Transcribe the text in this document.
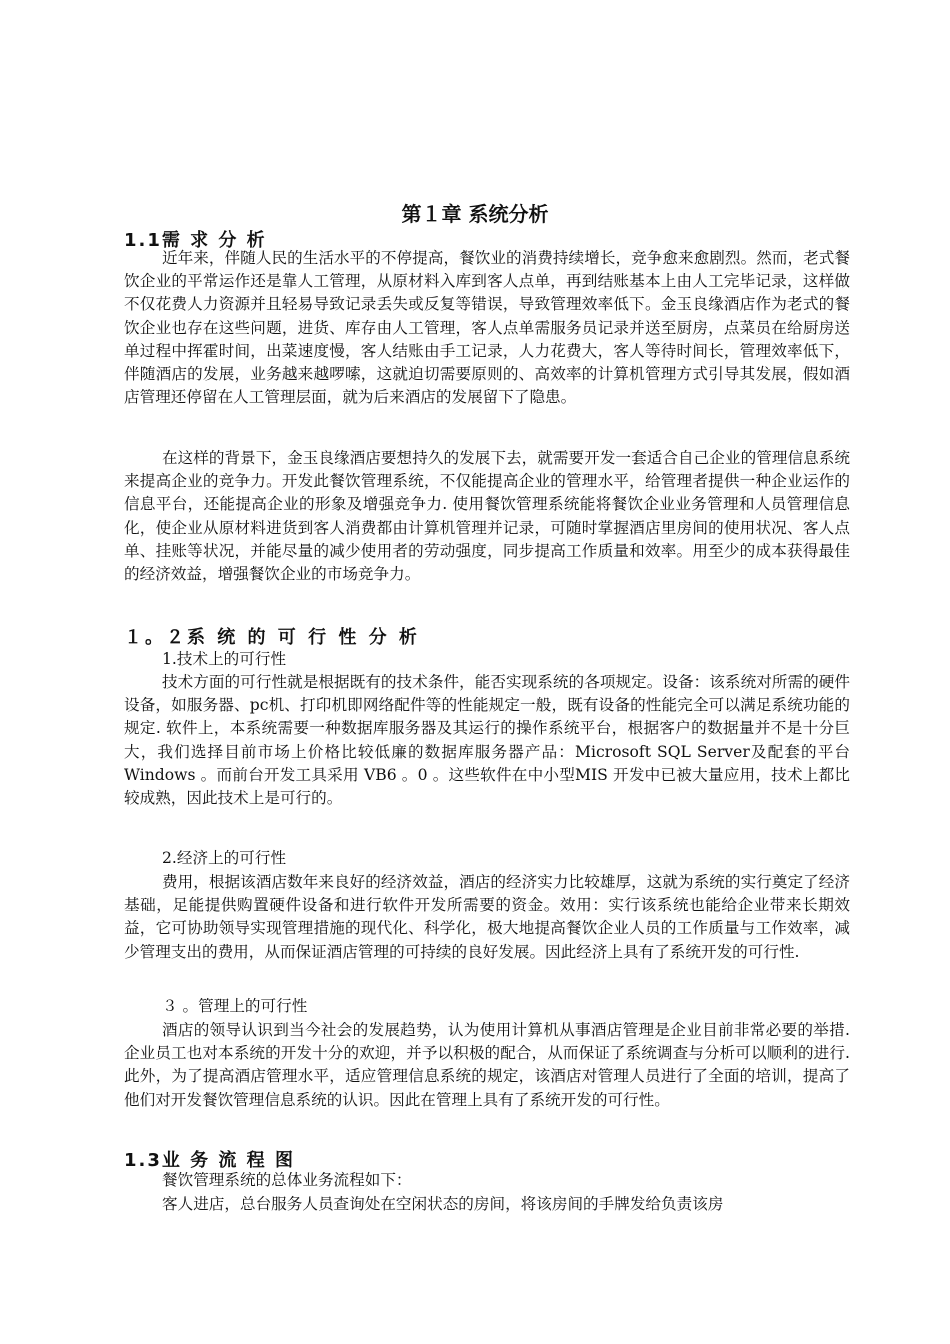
第１章 系统分析
1.1需 求 分 析

近年来，伴随人民的生活水平的不停提高，餐饮业的消费持续增长，竞争愈来愈剧烈。然而，老式餐饮企业的平常运作还是靠人工管理，从原材料入库到客人点单，再到结账基本上由人工完毕记录，这样做不仅花费人力资源并且轻易导致记录丢失或反复等错误，导致管理效率低下。金玉良缘酒店作为老式的餐饮企业也存在这些问题，进货、库存由人工管理，客人点单需服务员记录并送至厨房，点菜员在给厨房送单过程中挥霍时间，出菜速度慢，客人结账由手工记录，人力花费大，客人等待时间长，管理效率低下，伴随酒店的发展，业务越来越啰嗦，这就迫切需要原则的、高效率的计算机管理方式引导其发展，假如酒店管理还停留在人工管理层面，就为后来酒店的发展留下了隐患。

在这样的背景下，金玉良缘酒店要想持久的发展下去，就需要开发一套适合自己企业的管理信息系统来提高企业的竞争力。开发此餐饮管理系统，不仅能提高企业的管理水平，给管理者提供一种企业运作的信息平台，还能提高企业的形象及增强竞争力. 使用餐饮管理系统能将餐饮企业业务管理和人员管理信息化，使企业从原材料进货到客人消费都由计算机管理并记录，可随时掌握酒店里房间的使用状况、客人点单、挂账等状况，并能尽量的减少使用者的劳动强度，同步提高工作质量和效率。用至少的成本获得最佳的经济效益，增强餐饮企业的市场竞争力。

１。２系 统 的 可 行 性 分 析

1.技术上的可行性

技术方面的可行性就是根据既有的技术条件，能否实现系统的各项规定。设备：该系统对所需的硬件设备，如服务器、pc机、打印机即网络配件等的性能规定一般，既有设备的性能完全可以满足系统功能的规定. 软件上，本系统需要一种数据库服务器及其运行的操作系统平台，根据客户的数据量并不是十分巨大，我们选择目前市场上价格比较低廉的数据库服务器产品：Microsoft SQL Server及配套的平台Windows 。而前台开发工具采用 VB6 。0 。这些软件在中小型MIS 开发中已被大量应用，技术上都比较成熟，因此技术上是可行的。

2.经济上的可行性

费用，根据该酒店数年来良好的经济效益，酒店的经济实力比较雄厚，这就为系统的实行奠定了经济基础，足能提供购置硬件设备和进行软件开发所需要的资金。效用：实行该系统也能给企业带来长期效益，它可协助领导实现管理措施的现代化、科学化，极大地提高餐饮企业人员的工作质量与工作效率，减少管理支出的费用，从而保证酒店管理的可持续的良好发展。因此经济上具有了系统开发的可行性.

３ 。管理上的可行性

酒店的领导认识到当今社会的发展趋势，认为使用计算机从事酒店管理是企业目前非常必要的举措. 企业员工也对本系统的开发十分的欢迎，并予以积极的配合，从而保证了系统调查与分析可以顺利的进行. 此外，为了提高酒店管理水平，适应管理信息系统的规定，该酒店对管理人员进行了全面的培训，提高了他们对开发餐饮管理信息系统的认识。因此在管理上具有了系统开发的可行性。

1.3业 务 流 程 图

餐饮管理系统的总体业务流程如下：

客人进店，总台服务人员查询处在空闲状态的房间，将该房间的手牌发给负责该房
